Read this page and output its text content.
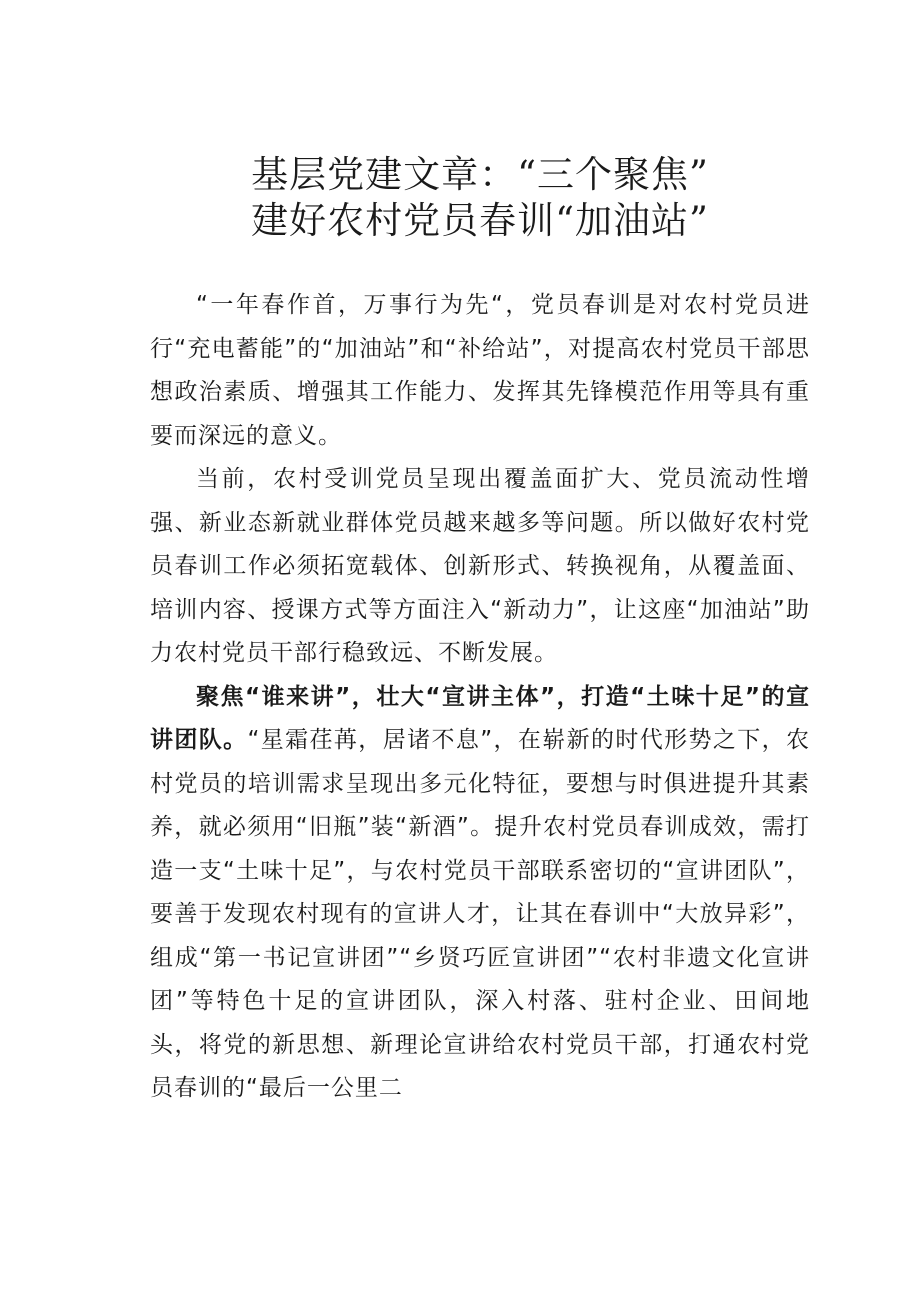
基层党建文章：“三个聚焦”
建好农村党员春训“加油站”

“一年春作首，万事行为先“，党员春训是对农村党员进行“充电蓄能”的“加油站”和“补给站”，对提高农村党员干部思想政治素质、增强其工作能力、发挥其先锋模范作用等具有重要而深远的意义。

当前，农村受训党员呈现出覆盖面扩大、党员流动性增强、新业态新就业群体党员越来越多等问题。所以做好农村党员春训工作必须拓宽载体、创新形式、转换视角，从覆盖面、培训内容、授课方式等方面注入“新动力”，让这座“加油站”助力农村党员干部行稳致远、不断发展。

聚焦“谁来讲”，壮大“宣讲主体”，打造“土味十足”的宣讲团队。“星霜荏苒，居诸不息”，在崭新的时代形势之下，农村党员的培训需求呈现出多元化特征，要想与时俱进提升其素养，就必须用“旧瓶”装“新酒”。提升农村党员春训成效，需打造一支“土味十足”，与农村党员干部联系密切的“宣讲团队”，要善于发现农村现有的宣讲人才，让其在春训中“大放异彩”，组成“第一书记宣讲团”“乡贤巧匠宣讲团”“农村非遗文化宣讲团”等特色十足的宣讲团队，深入村落、驻村企业、田间地头，将党的新思想、新理论宣讲给农村党员干部，打通农村党员春训的“最后一公里二
